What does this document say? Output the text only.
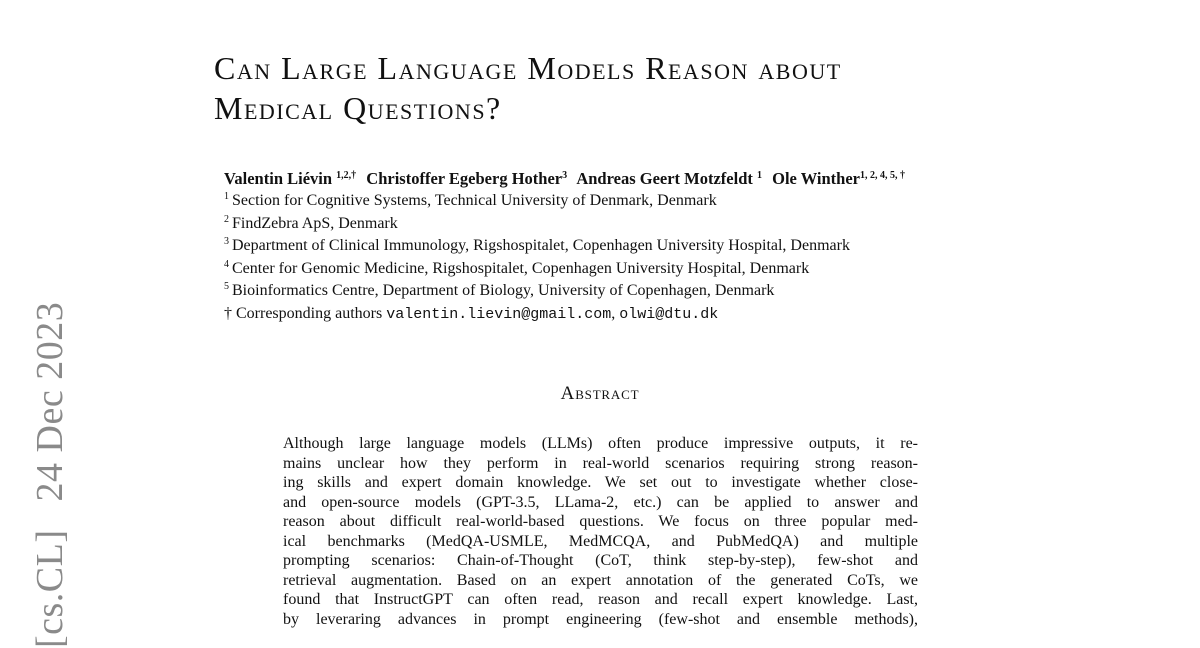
[cs.CL] 24 Dec 2023
Can Large Language Models Reason about
Medical Questions?
Valentin Liévin $^{1,2,\dagger}$ Christoffer Egeberg Hother$^3$ Andreas Geert Motzfeldt $^1$ Ole Winther$^{1, 2, 4, 5, \dagger}$
$^1$ Section for Cognitive Systems, Technical University of Denmark, Denmark
$^2$ FindZebra ApS, Denmark
$^3$ Department of Clinical Immunology, Rigshospitalet, Copenhagen University Hospital, Denmark
$^4$ Center for Genomic Medicine, Rigshospitalet, Copenhagen University Hospital, Denmark
$^5$ Bioinformatics Centre, Department of Biology, University of Copenhagen, Denmark
† Corresponding authors valentin.lievin@gmail.com, olwi@dtu.dk
Abstract
Although large language models (LLMs) often produce impressive outputs, it re-
mains unclear how they perform in real-world scenarios requiring strong reason-
ing skills and expert domain knowledge. We set out to investigate whether close-
and open-source models (GPT-3.5, LLama-2, etc.) can be applied to answer and
reason about difficult real-world-based questions. We focus on three popular med-
ical benchmarks (MedQA-USMLE, MedMCQA, and PubMedQA) and multiple
prompting scenarios: Chain-of-Thought (CoT, think step-by-step), few-shot and
retrieval augmentation. Based on an expert annotation of the generated CoTs, we
found that InstructGPT can often read, reason and recall expert knowledge. Last,
by leveraring advances in prompt engineering (few-shot and ensemble methods),
